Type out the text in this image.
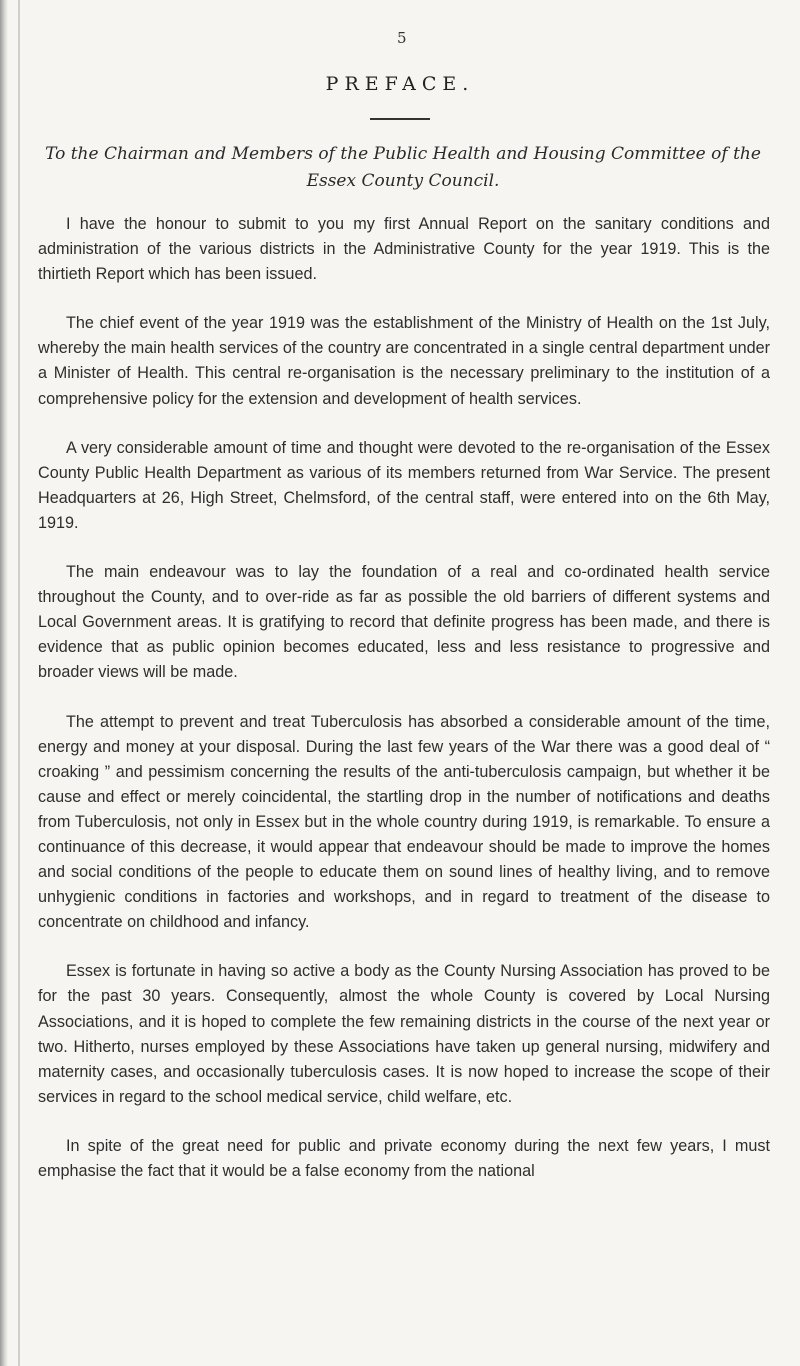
5
PREFACE.
To the Chairman and Members of the Public Health and Housing Committee of the
Essex County Council.

I have the honour to submit to you my first Annual Report on the sanitary conditions and administration of the various districts in the Administrative County for the year 1919. This is the thirtieth Report which has been issued.

The chief event of the year 1919 was the establishment of the Ministry of Health on the 1st July, whereby the main health services of the country are concentrated in a single central department under a Minister of Health. This central re-organisation is the necessary preliminary to the institution of a comprehensive policy for the extension and development of health services.

A very considerable amount of time and thought were devoted to the re-organisation of the Essex County Public Health Department as various of its members returned from War Service. The present Headquarters at 26, High Street, Chelmsford, of the central staff, were entered into on the 6th May, 1919.

The main endeavour was to lay the foundation of a real and co-ordinated health service throughout the County, and to over-ride as far as possible the old barriers of different systems and Local Government areas. It is gratifying to record that definite progress has been made, and there is evidence that as public opinion becomes educated, less and less resistance to progressive and broader views will be made.

The attempt to prevent and treat Tuberculosis has absorbed a considerable amount of the time, energy and money at your disposal. During the last few years of the War there was a good deal of “ croaking ” and pessimism concerning the results of the anti-tuberculosis campaign, but whether it be cause and effect or merely coincidental, the startling drop in the number of notifications and deaths from Tuberculosis, not only in Essex but in the whole country during 1919, is remarkable. To ensure a continuance of this decrease, it would appear that endeavour should be made to improve the homes and social conditions of the people to educate them on sound lines of healthy living, and to remove unhygienic conditions in factories and workshops, and in regard to treatment of the disease to concentrate on childhood and infancy.

Essex is fortunate in having so active a body as the County Nursing Association has proved to be for the past 30 years. Consequently, almost the whole County is covered by Local Nursing Associations, and it is hoped to complete the few remaining districts in the course of the next year or two. Hitherto, nurses employed by these Associations have taken up general nursing, midwifery and maternity cases, and occasionally tuberculosis cases. It is now hoped to increase the scope of their services in regard to the school medical service, child welfare, etc.

In spite of the great need for public and private economy during the next few years, I must emphasise the fact that it would be a false economy from the national
